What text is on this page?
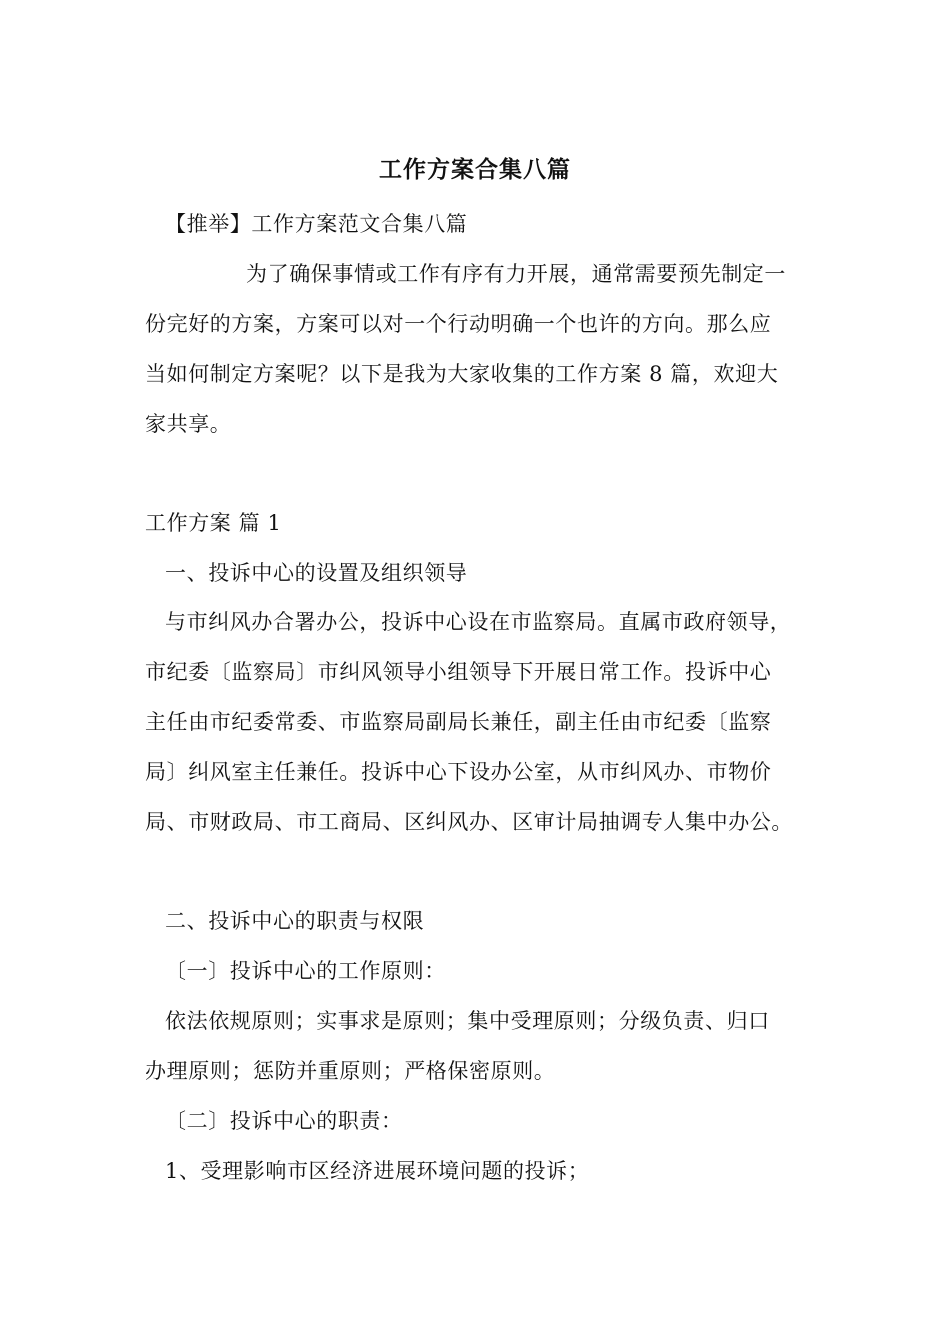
工作方案合集八篇
【推举】工作方案范文合集八篇
为了确保事情或工作有序有力开展，通常需要预先制定一
份完好的方案，方案可以对一个行动明确一个也许的方向。那么应
当如何制定方案呢？以下是我为大家收集的工作方案 8 篇，欢迎大
家共享。
工作方案 篇 1
一、投诉中心的设置及组织领导
与市纠风办合署办公，投诉中心设在市监察局。直属市政府领导，
市纪委〔监察局〕市纠风领导小组领导下开展日常工作。投诉中心
主任由市纪委常委、市监察局副局长兼任，副主任由市纪委〔监察
局〕纠风室主任兼任。投诉中心下设办公室，从市纠风办、市物价
局、市财政局、市工商局、区纠风办、区审计局抽调专人集中办公。
二、投诉中心的职责与权限
〔一〕投诉中心的工作原则：
依法依规原则；实事求是原则；集中受理原则；分级负责、归口
办理原则；惩防并重原则；严格保密原则。
〔二〕投诉中心的职责：
1、受理影响市区经济进展环境问题的投诉；
